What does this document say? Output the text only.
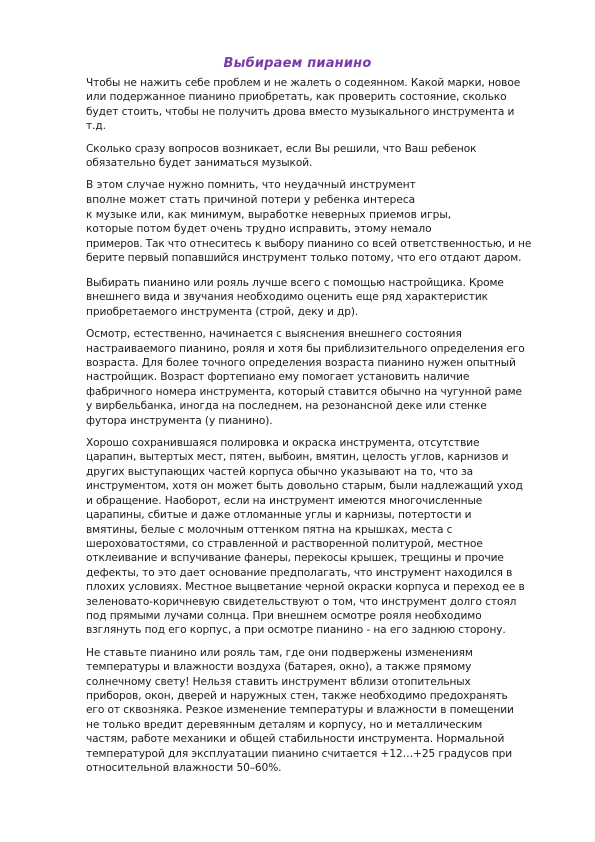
Выбираем пианино

Чтобы не нажить себе проблем и не жалеть о содеянном. Какой марки, новое или подержанное пианино приобретать, как проверить состояние, сколько будет стоить, чтобы не получить дрова вместо музыкального инструмента и т.д.

Сколько сразу вопросов возникает, если Вы решили, что Ваш ребенок обязательно будет заниматься музыкой.

В этом случае нужно помнить, что неудачный инструмент
вполне может стать причиной потери у ребенка интереса
к музыке или, как минимум, выработке неверных приемов игры,
которые потом будет очень трудно исправить, этому немало
примеров. Так что отнеситесь к выбору пианино со всей ответственностью, и не
берите первый попавшийся инструмент только потому, что его отдают даром.

Выбирать пианино или рояль лучше всего с помощью настройщика. Кроме внешнего вида и звучания необходимо оценить еще ряд характеристик приобретаемого инструмента (строй, деку и др).

Осмотр, естественно, начинается с выяснения внешнего состояния настраиваемого пианино, рояля и хотя бы приблизительного определения его возраста. Для более точного определения возраста пианино нужен опытный настройщик. Возраст фортепиано ему помогает установить наличие фабричного номера инструмента, который ставится обычно на чугунной раме у вирбельбанка, иногда на последнем, на резонансной деке или стенке футора инструмента (у пианино).

Хорошо сохранившаяся полировка и окраска инструмента, отсутствие царапин, вытертых мест, пятен, выбоин, вмятин, целость углов, карнизов и других выступающих частей корпуса обычно указывают на то, что за инструментом, хотя он может быть довольно старым, были надлежащий уход и обращение. Наоборот, если на инструмент имеются многочисленные царапины, сбитые и даже отломанные углы и карнизы, потертости и вмятины, белые с молочным оттенком пятна на крышках, места с шероховатостями, со стравленной и растворенной политурой, местное отклеивание и вспучивание фанеры, перекосы крышек, трещины и прочие дефекты, то это дает основание предполагать, что инструмент находился в плохих условиях. Местное выцветание черной окраски корпуса и переход ее в зеленовато-коричневую свидетельствуют о том, что инструмент долго стоял под прямыми лучами солнца. При внешнем осмотре рояля необходимо взглянуть под его корпус, а при осмотре пианино - на его заднюю сторону.

Не ставьте пианино или рояль там, где они подвержены изменениям температуры и влажности воздуха (батарея, окно), а также прямому солнечному свету! Нельзя ставить инструмент вблизи отопительных приборов, окон, дверей и наружных стен, также необходимо предохранять его от сквозняка. Резкое изменение температуры и влажности в помещении не только вредит деревянным деталям и корпусу, но и металлическим частям, работе механики и общей стабильности инструмента. Нормальной температурой для эксплуатации пианино считается +12…+25 градусов при относительной влажности 50–60%.
